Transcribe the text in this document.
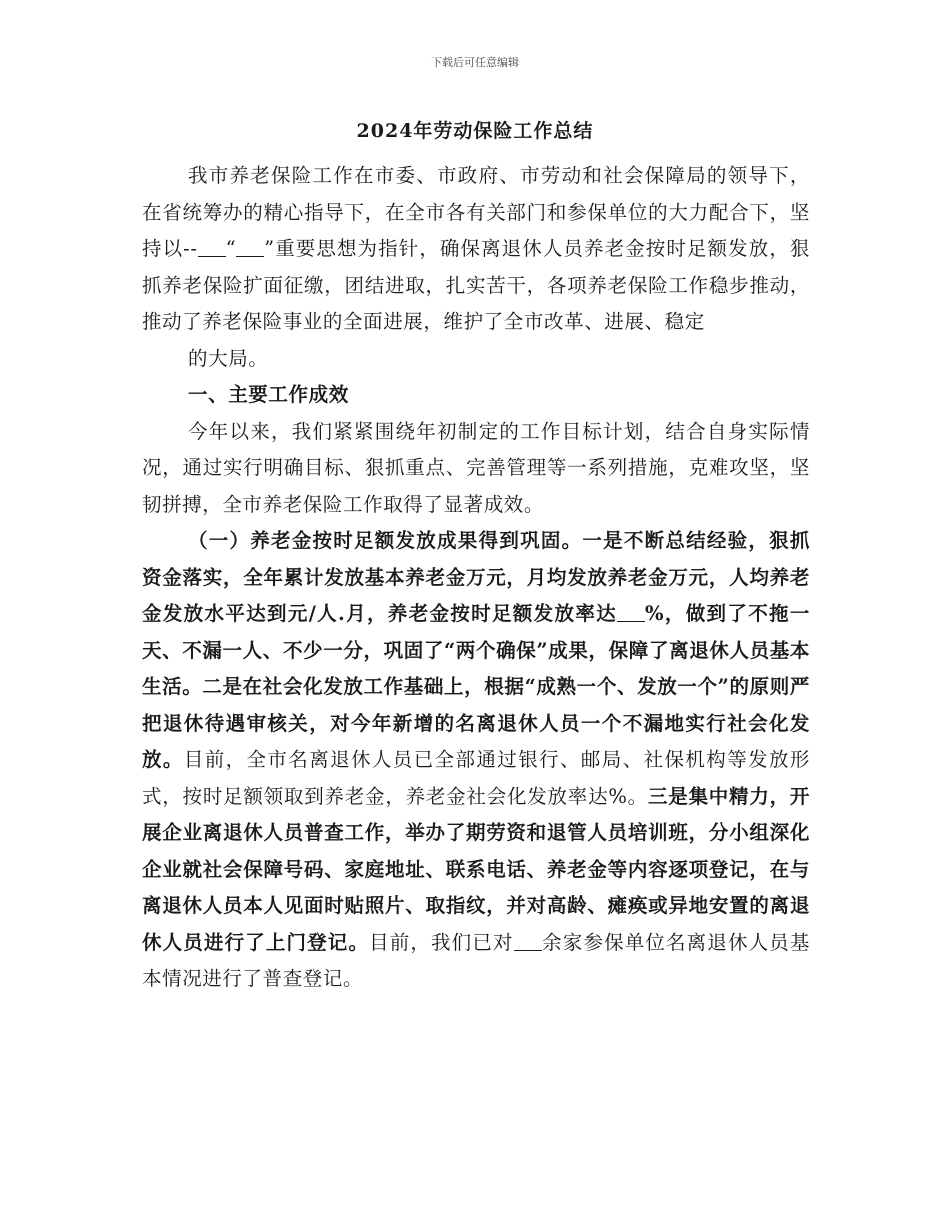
下载后可任意编辑
2024年劳动保险工作总结

我市养老保险工作在市委、市政府、市劳动和社会保障局的领导下，在省统筹办的精心指导下，在全市各有关部门和参保单位的大力配合下，坚持以-- “ ”重要思想为指针，确保离退休人员养老金按时足额发放，狠抓养老保险扩面征缴，团结进取，扎实苦干，各项养老保险工作稳步推动，推动了养老保险事业的全面进展，维护了全市改革、进展、稳定

的大局。

一、主要工作成效

今年以来，我们紧紧围绕年初制定的工作目标计划，结合自身实际情况，通过实行明确目标、狠抓重点、完善管理等一系列措施，克难攻坚，坚韧拼搏，全市养老保险工作取得了显著成效。

（一）养老金按时足额发放成果得到巩固。一是不断总结经验，狠抓资金落实，全年累计发放基本养老金万元，月均发放养老金万元，人均养老金发放水平达到元/人.月，养老金按时足额发放率达 %，做到了不拖一天、不漏一人、不少一分，巩固了“两个确保”成果，保障了离退休人员基本生活。二是在社会化发放工作基础上，根据“成熟一个、发放一个”的原则严把退休待遇审核关，对今年新增的名离退休人员一个不漏地实行社会化发放。目前，全市名离退休人员已全部通过银行、邮局、社保机构等发放形式，按时足额领取到养老金，养老金社会化发放率达%。三是集中精力，开展企业离退休人员普查工作，举办了期劳资和退管人员培训班，分小组深化企业就社会保障号码、家庭地址、联系电话、养老金等内容逐项登记，在与离退休人员本人见面时贴照片、取指纹，并对高龄、瘫痪或异地安置的离退休人员进行了上门登记。目前，我们已对 余家参保单位名离退休人员基本情况进行了普查登记。
